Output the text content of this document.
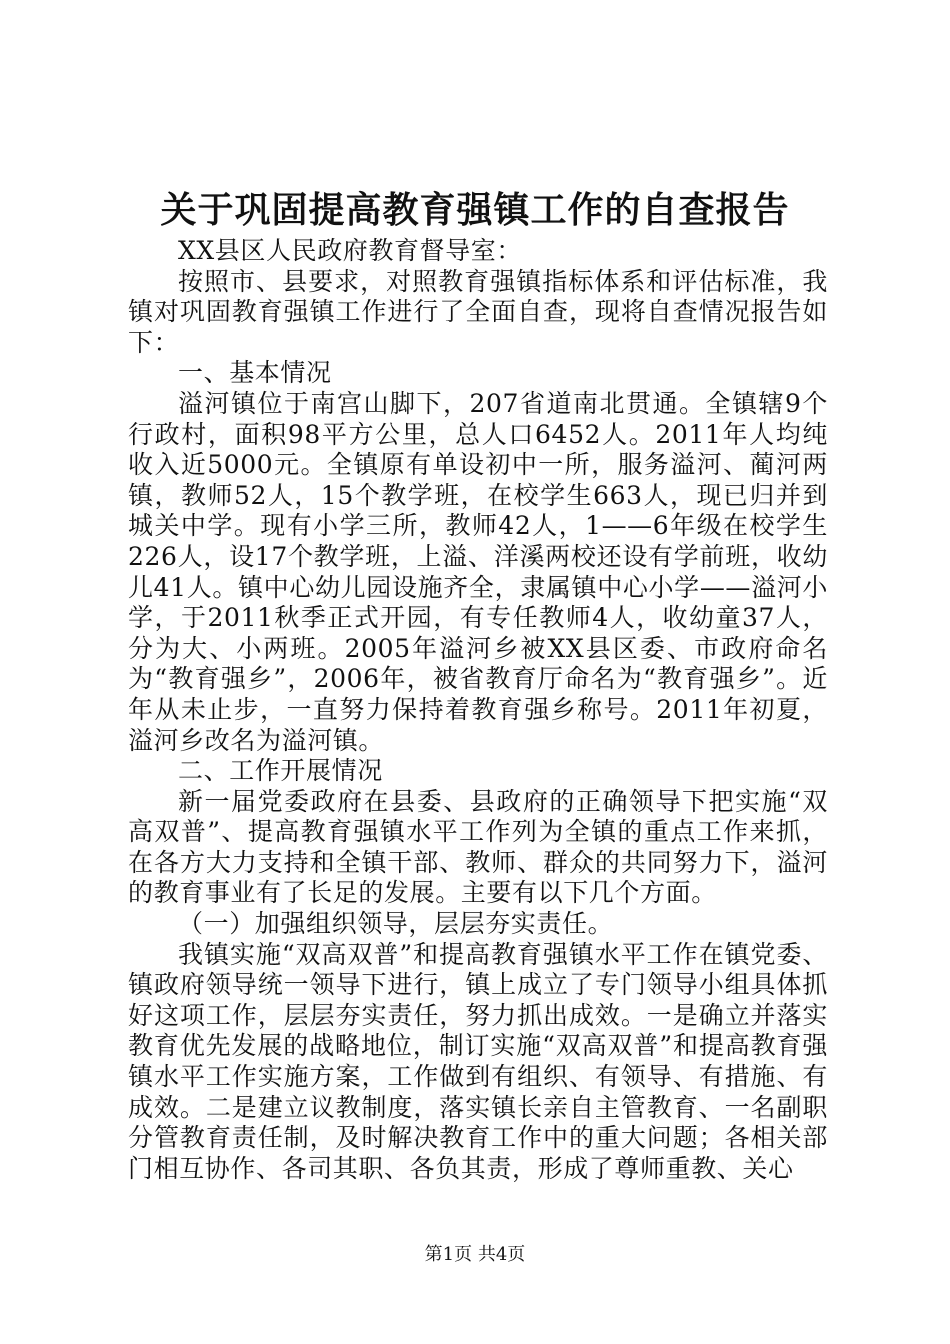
关于巩固提高教育强镇工作的自查报告

XX县区人民政府教育督导室：

按照市、县要求，对照教育强镇指标体系和评估标准，我镇对巩固教育强镇工作进行了全面自查，现将自查情况报告如下：

一、基本情况

溢河镇位于南宫山脚下，207省道南北贯通。全镇辖9个行政村，面积98平方公里，总人口6452人。2011年人均纯收入近5000元。全镇原有单设初中一所，服务溢河、蔺河两镇，教师52人，15个教学班，在校学生663人，现已归并到城关中学。现有小学三所，教师42人，1——6年级在校学生226人，设17个教学班，上溢、洋溪两校还设有学前班，收幼儿41人。镇中心幼儿园设施齐全，隶属镇中心小学——溢河小学，于2011秋季正式开园，有专任教师4人，收幼童37人，分为大、小两班。2005年溢河乡被XX县区委、市政府命名为“教育强乡”，2006年，被省教育厅命名为“教育强乡”。近年从未止步，一直努力保持着教育强乡称号。2011年初夏，溢河乡改名为溢河镇。

二、工作开展情况

新一届党委政府在县委、县政府的正确领导下把实施“双高双普”、提高教育强镇水平工作列为全镇的重点工作来抓，在各方大力支持和全镇干部、教师、群众的共同努力下，溢河的教育事业有了长足的发展。主要有以下几个方面。

（一）加强组织领导，层层夯实责任。

我镇实施“双高双普”和提高教育强镇水平工作在镇党委、镇政府领导统一领导下进行，镇上成立了专门领导小组具体抓好这项工作，层层夯实责任，努力抓出成效。一是确立并落实教育优先发展的战略地位，制订实施“双高双普”和提高教育强镇水平工作实施方案，工作做到有组织、有领导、有措施、有成效。二是建立议教制度，落实镇长亲自主管教育、一名副职分管教育责任制，及时解决教育工作中的重大问题；各相关部门相互协作、各司其职、各负其责，形成了尊师重教、关心

第1页 共4页
